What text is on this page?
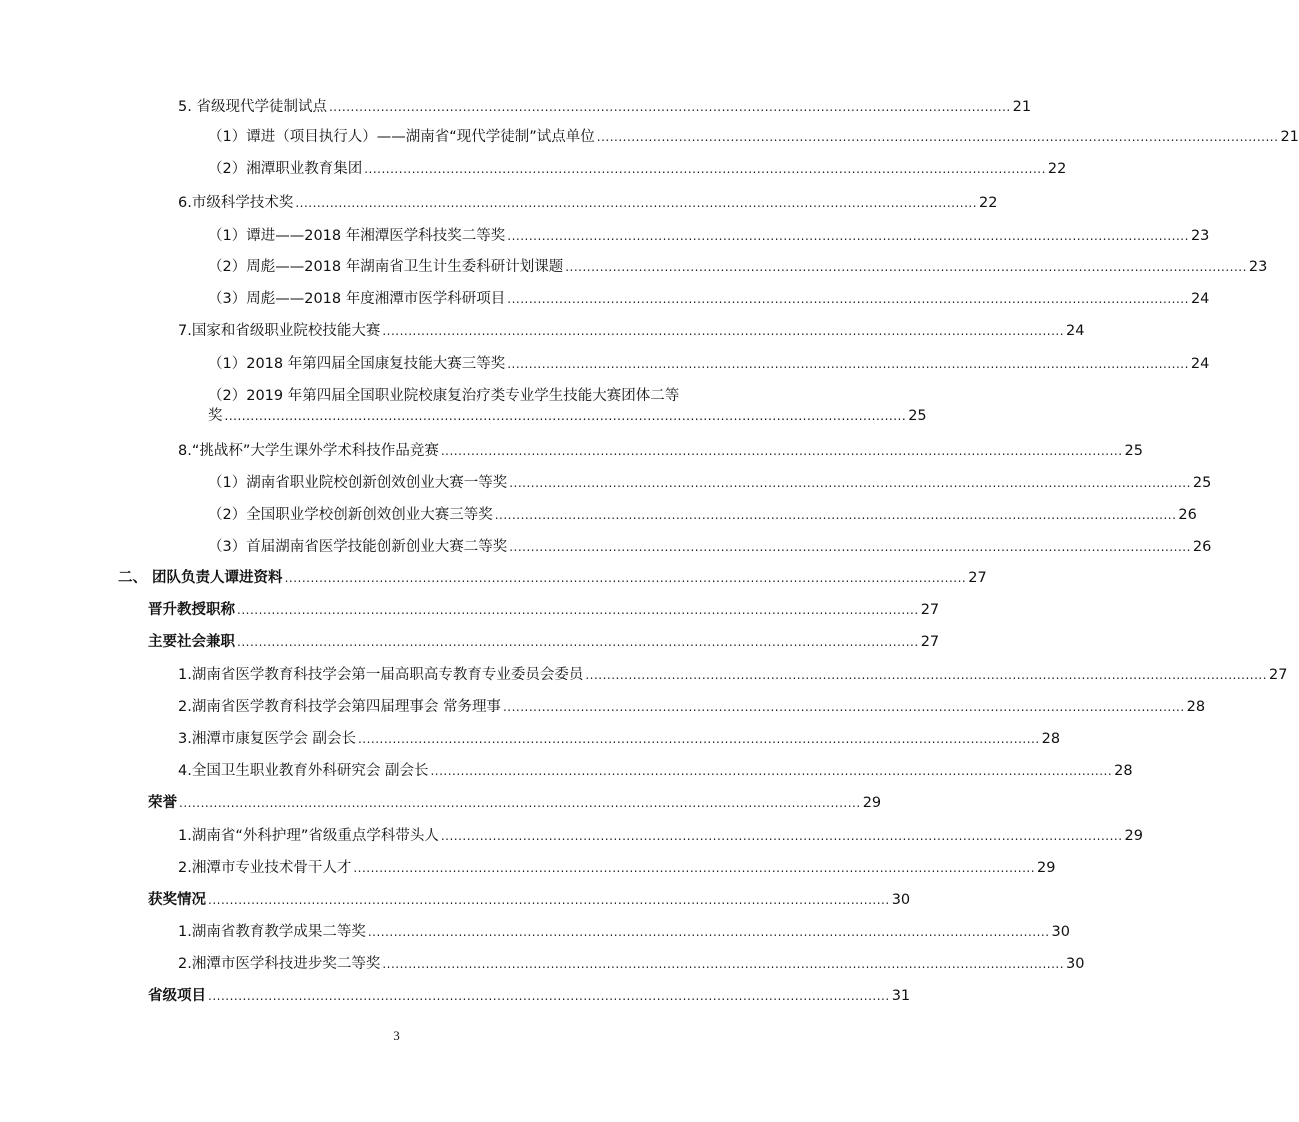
5. 省级现代学徒制试点 .............................................................................................................................................................. 21
（1）谭进（项目执行人）——湖南省“现代学徒制”试点单位 .............................................................................................................................................................. 21
（2）湘潭职业教育集团 .............................................................................................................................................................. 22
6.市级科学技术奖 .............................................................................................................................................................. 22
（1）谭进——2018 年湘潭医学科技奖二等奖 .............................................................................................................................................................. 23
（2）周彪——2018 年湖南省卫生计生委科研计划课题 .............................................................................................................................................................. 23
（3）周彪——2018 年度湘潭市医学科研项目 .............................................................................................................................................................. 24
7.国家和省级职业院校技能大赛 .............................................................................................................................................................. 24
（1）2018 年第四届全国康复技能大赛三等奖 .............................................................................................................................................................. 24
（2）2019 年第四届全国职业院校康复治疗类专业学生技能大赛团体二等
奖 .............................................................................................................................................................. 25
8.“挑战杯”大学生课外学术科技作品竞赛 .............................................................................................................................................................. 25
（1）湖南省职业院校创新创效创业大赛一等奖 .............................................................................................................................................................. 25
（2）全国职业学校创新创效创业大赛三等奖 .............................................................................................................................................................. 26
（3）首届湖南省医学技能创新创业大赛二等奖 .............................................................................................................................................................. 26
二、 团队负责人谭进资料 .............................................................................................................................................................. 27
晋升教授职称 .............................................................................................................................................................. 27
主要社会兼职 .............................................................................................................................................................. 27
1.湖南省医学教育科技学会第一届高职高专教育专业委员会委员 .............................................................................................................................................................. 27
2.湖南省医学教育科技学会第四届理事会 常务理事 .............................................................................................................................................................. 28
3.湘潭市康复医学会 副会长 .............................................................................................................................................................. 28
4.全国卫生职业教育外科研究会 副会长 .............................................................................................................................................................. 28
荣誉 .............................................................................................................................................................. 29
1.湖南省“外科护理”省级重点学科带头人 .............................................................................................................................................................. 29
2.湘潭市专业技术骨干人才 .............................................................................................................................................................. 29
获奖情况 .............................................................................................................................................................. 30
1.湖南省教育教学成果二等奖 .............................................................................................................................................................. 30
2.湘潭市医学科技进步奖二等奖 .............................................................................................................................................................. 30
省级项目 .............................................................................................................................................................. 31
3
